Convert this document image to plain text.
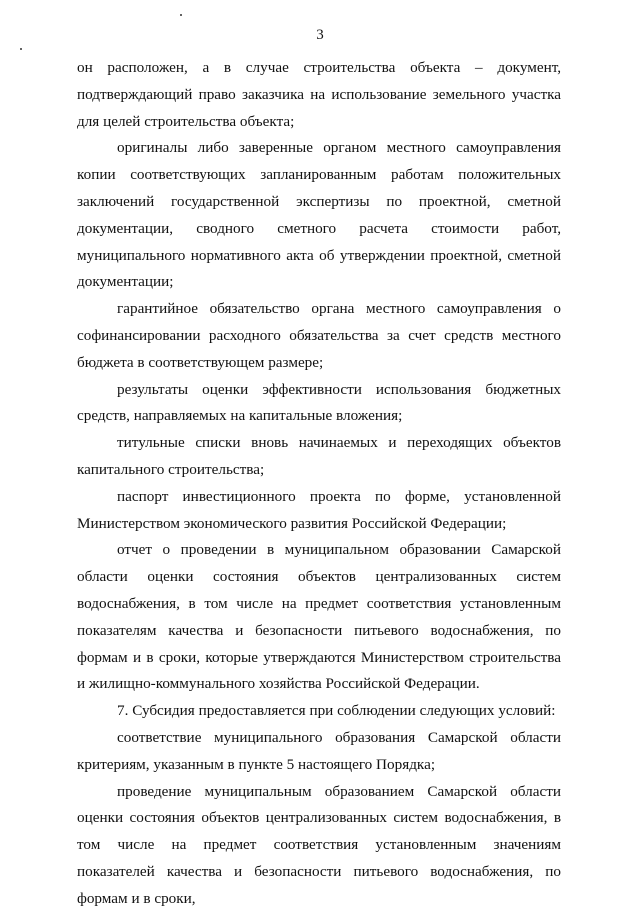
3

он расположен, а в случае строительства объекта – документ, подтверждающий право заказчика на использование земельного участка для целей строительства объекта;

оригиналы либо заверенные органом местного самоуправления копии соответствующих запланированным работам положительных заключений государственной экспертизы по проектной, сметной документации, сводного сметного расчета стоимости работ, муниципального нормативного акта об утверждении проектной, сметной документации;

гарантийное обязательство органа местного самоуправления о софинансировании расходного обязательства за счет средств местного бюджета в соответствующем размере;

результаты оценки эффективности использования бюджетных средств, направляемых на капитальные вложения;

титульные списки вновь начинаемых и переходящих объектов капитального строительства;

паспорт инвестиционного проекта по форме, установленной Министерством экономического развития Российской Федерации;

отчет о проведении в муниципальном образовании Самарской области оценки состояния объектов централизованных систем водоснабжения, в том числе на предмет соответствия установленным показателям качества и безопасности питьевого водоснабжения, по формам и в сроки, которые утверждаются Министерством строительства и жилищно-коммунального хозяйства Российской Федерации.

7. Субсидия предоставляется при соблюдении следующих условий:

соответствие муниципального образования Самарской области критериям, указанным в пункте 5 настоящего Порядка;

проведение муниципальным образованием Самарской области оценки состояния объектов централизованных систем водоснабжения, в том числе на предмет соответствия установленным значениям показателей качества и безопасности питьевого водоснабжения, по формам и в сроки,
